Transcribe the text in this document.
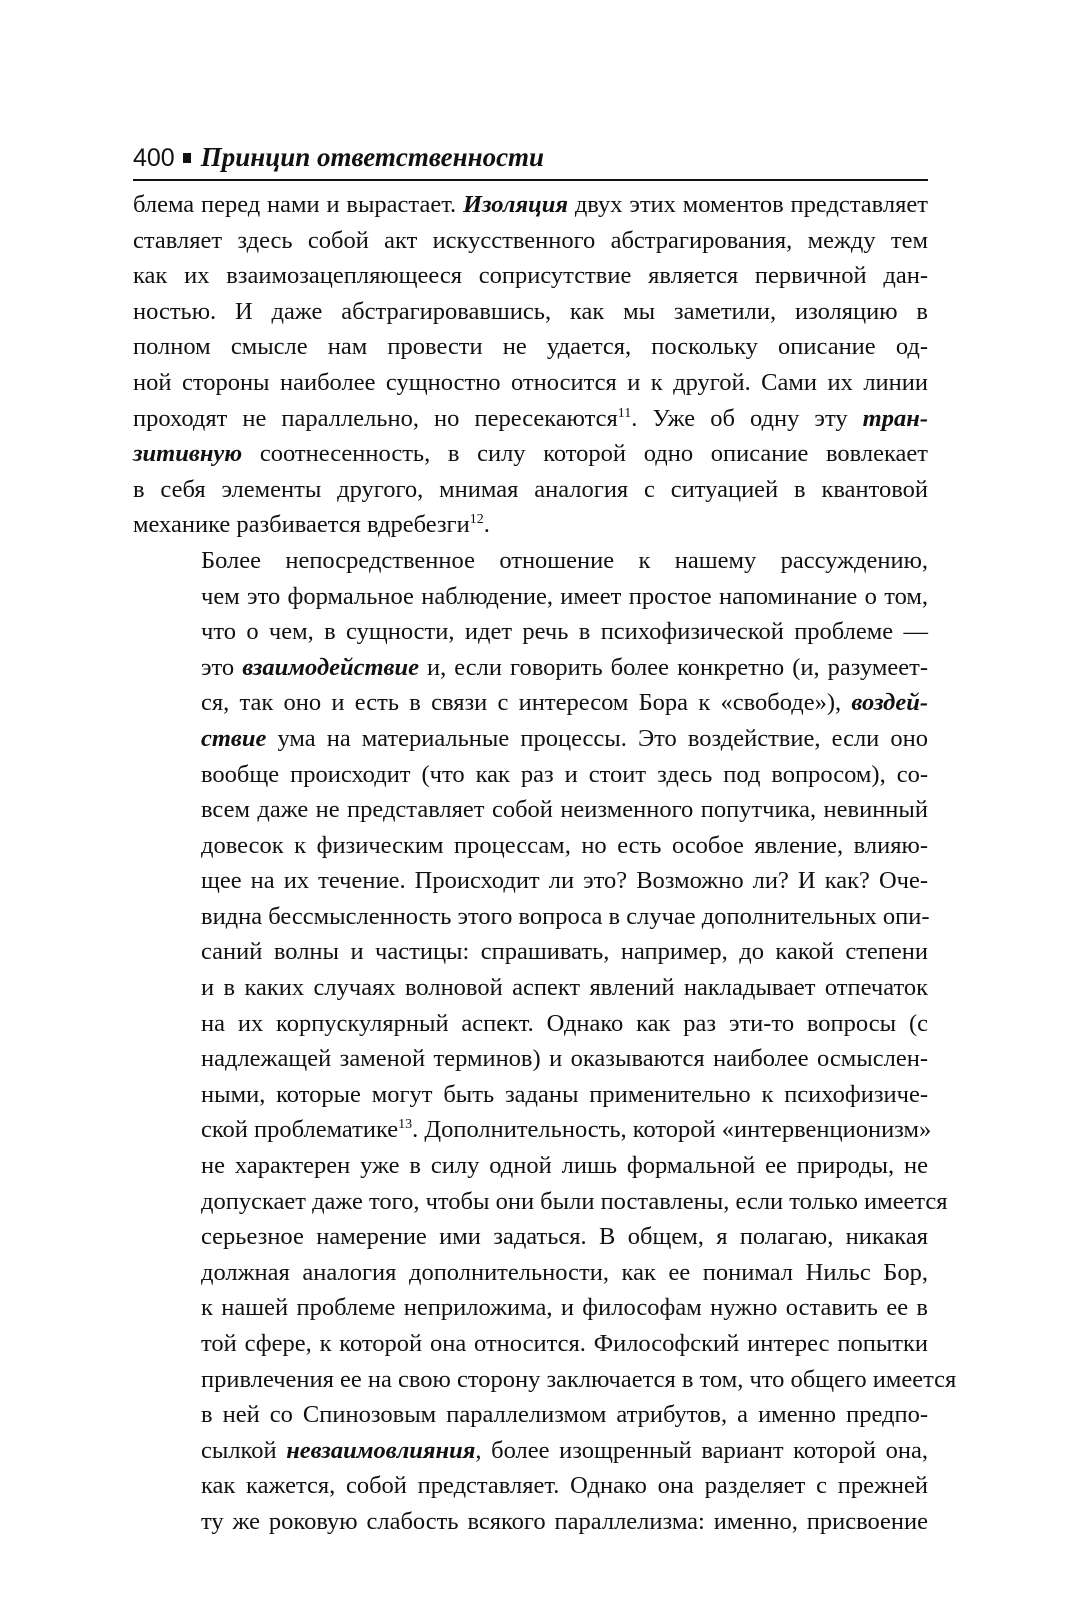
400 Принцип ответственности

блема перед нами и вырастает. Изоляция двух этих моментов представляет
ставляет здесь собой акт искусственного абстрагирования, между тем
как их взаимозацепляющееся соприсутствие является первичной дан-
ностью. И даже абстрагировавшись, как мы заметили, изоляцию в
полном смысле нам провести не удается, поскольку описание од-
ной стороны наиболее сущностно относится и к другой. Сами их линии
проходят не параллельно, но пересекаются$^{11}$. Уже об одну эту тран-
зитивную соотнесенность, в силу которой одно описание вовлекает
в себя элементы другого, мнимая аналогия с ситуацией в квантовой
механике разбивается вдребезги$^{12}$.

Более непосредственное отношение к нашему рассуждению,
чем это формальное наблюдение, имеет простое напоминание о том,
что о чем, в сущности, идет речь в психофизической проблеме —
это взаимодействие и, если говорить более конкретно (и, разумеет-
ся, так оно и есть в связи с интересом Бора к «свободе»), воздей-
ствие ума на материальные процессы. Это воздействие, если оно
вообще происходит (что как раз и стоит здесь под вопросом), со-
всем даже не представляет собой неизменного попутчика, невинный
довесок к физическим процессам, но есть особое явление, влияю-
щее на их течение. Происходит ли это? Возможно ли? И как? Оче-
видна бессмысленность этого вопроса в случае дополнительных опи-
саний волны и частицы: спрашивать, например, до какой степени
и в каких случаях волновой аспект явлений накладывает отпечаток
на их корпускулярный аспект. Однако как раз эти-то вопросы (с
надлежащей заменой терминов) и оказываются наиболее осмыслен-
ными, которые могут быть заданы применительно к психофизиче-
ской проблематике$^{13}$. Дополнительность, которой «интервенционизм»
не характерен уже в силу одной лишь формальной ее природы, не
допускает даже того, чтобы они были поставлены, если только имеется
серьезное намерение ими задаться. В общем, я полагаю, никакая
должная аналогия дополнительности, как ее понимал Нильс Бор,
к нашей проблеме неприложима, и философам нужно оставить ее в
той сфере, к которой она относится. Философский интерес попытки
привлечения ее на свою сторону заключается в том, что общего имеется
в ней со Спинозовым параллелизмом атрибутов, а именно предпо-
сылкой невзаимовлияния, более изощренный вариант которой она,
как кажется, собой представляет. Однако она разделяет с прежней
ту же роковую слабость всякого параллелизма: именно, присвоение
